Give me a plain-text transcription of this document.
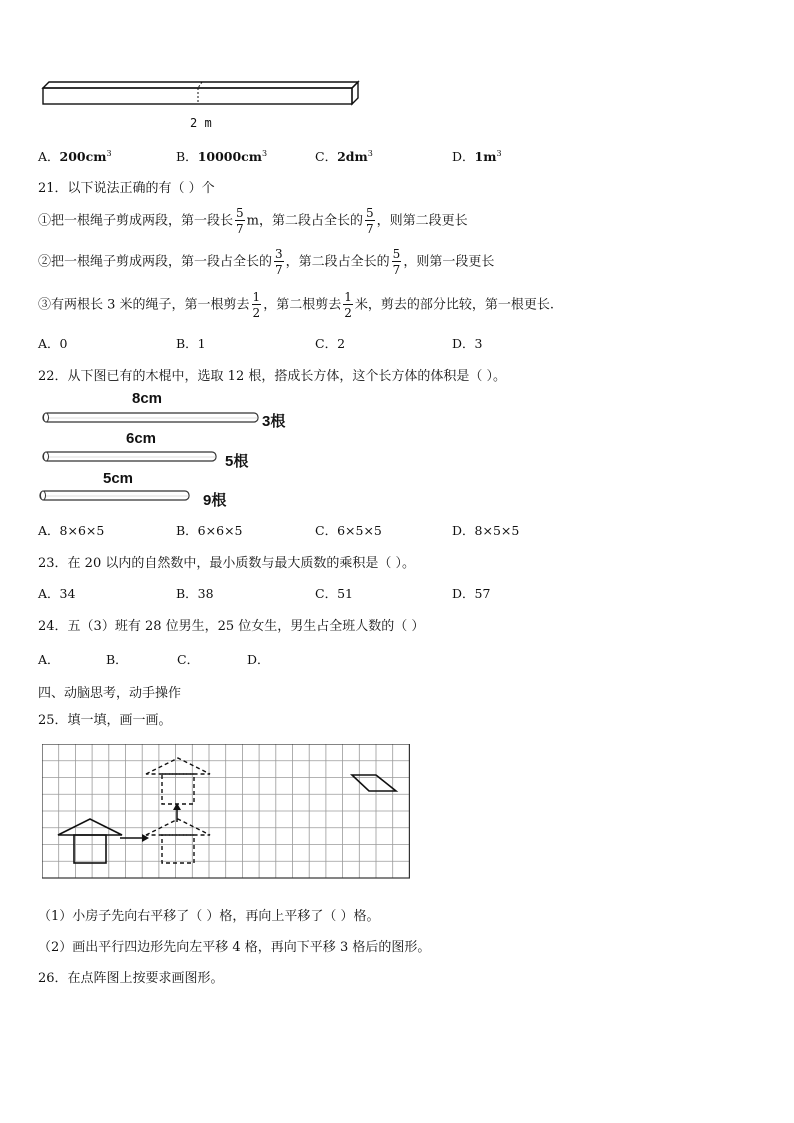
2 m
A．$200cm^3$	B．$10000cm^3$	C．$2dm^3$	D．$1m^3$
21．以下说法正确的有（ ）个
①把一根绳子剪成两段，第一段长 $\frac{5}{7}$ m，第二段占全长的 $\frac{5}{7}$ ，则第二段更长
②把一根绳子剪成两段，第一段占全长的 $\frac{3}{7}$ ，第二段占全长的 $\frac{5}{7}$ ，则第一段更长
③有两根长 3 米的绳子，第一根剪去 $\frac{1}{2}$ ，第二根剪去 $\frac{1}{2}$ 米，剪去的部分比较，第一根更长.
A．0	B．1	C．2	D．3
22．从下图已有的木棍中，选取 12 根，搭成长方体，这个长方体的体积是（ ）。
8cm
3根
6cm
5根
5cm
9根
A．8×6×5	B．6×6×5	C．6×5×5	D．8×5×5
23．在 20 以内的自然数中，最小质数与最大质数的乘积是（ ）。
A．34	B．38	C．51	D．57
24．五（3）班有 28 位男生，25 位女生，男生占全班人数的（ ）
A．	B．	C．	D．
四、动脑思考，动手操作
25．填一填，画一画。
（1）小房子先向右平移了（ ）格，再向上平移了（ ）格。
（2）画出平行四边形先向左平移 4 格，再向下平移 3 格后的图形。
26．在点阵图上按要求画图形。
